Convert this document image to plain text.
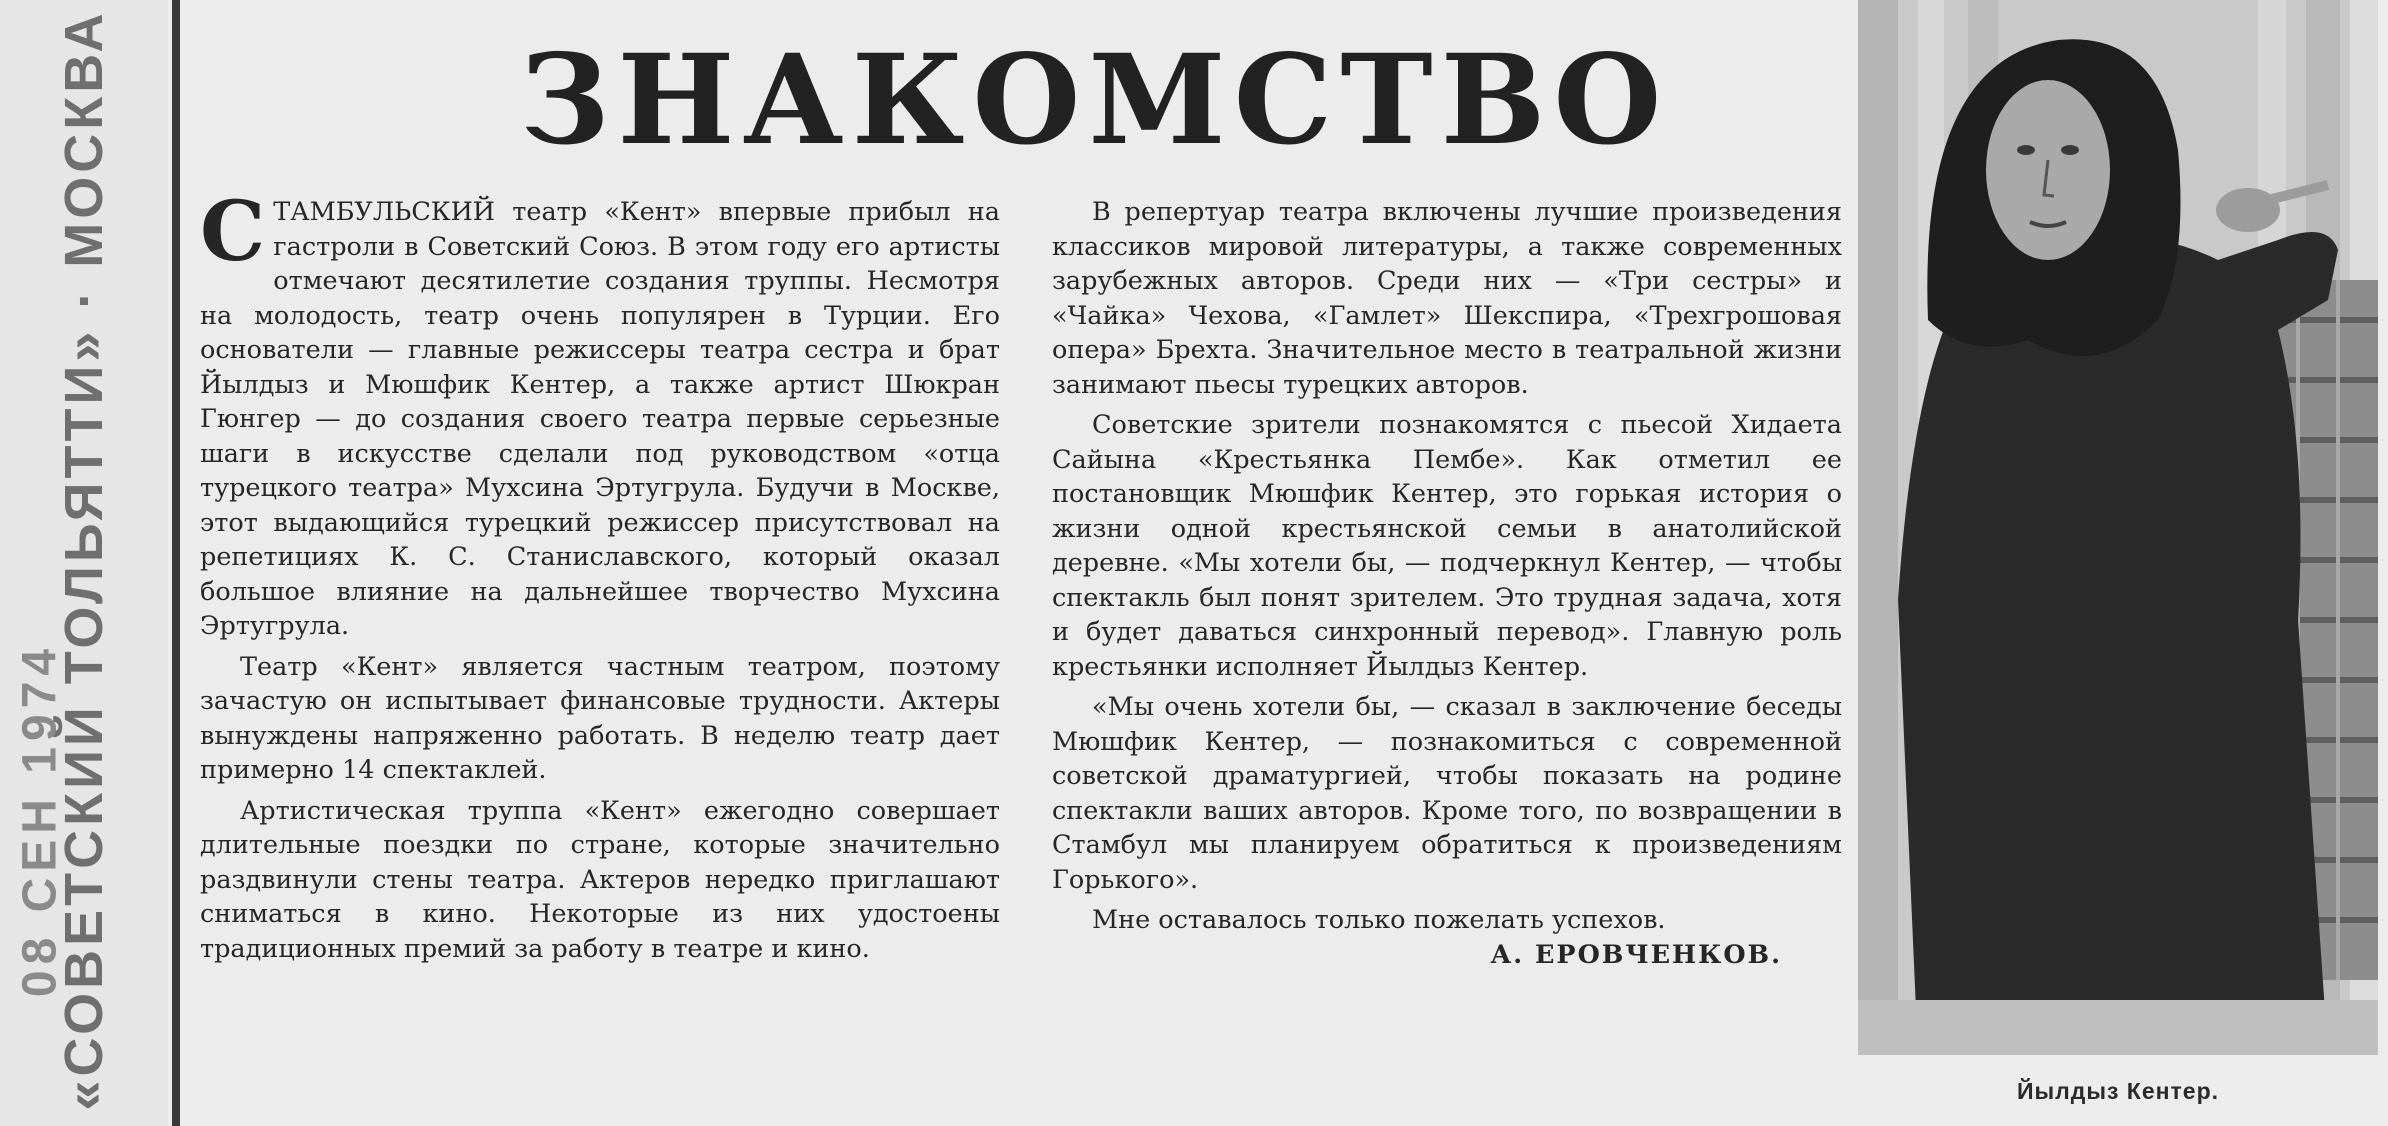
«СОВЕТСКИЙ ТОЛЬЯТТИ» · МОСКВА
08 СЕН 1974
ЗНАКОМСТВО

СТАМБУЛЬСКИЙ театр «Кент» впервые прибыл на гастроли в Советский Союз. В этом году его артисты отмечают десятилетие создания труппы. Несмотря на молодость, театр очень популярен в Турции. Его основатели — главные режиссеры театра сестра и брат Йылдыз и Мюшфик Кентер, а также артист Шюкран Гюнгер — до создания своего театра первые серьезные шаги в искусстве сделали под руководством «отца турецкого театра» Мухсина Эртугрула. Будучи в Москве, этот выдающийся турецкий режиссер присутствовал на репетициях К. С. Станиславского, который оказал большое влияние на дальнейшее творчество Мухсина Эртугрула.

Театр «Кент» является частным театром, поэтому зачастую он испытывает финансовые трудности. Актеры вынуждены напряженно работать. В неделю театр дает примерно 14 спектаклей.

Артистическая труппа «Кент» ежегодно совершает длительные поездки по стране, которые значительно раздвинули стены театра. Актеров нередко приглашают сниматься в кино. Некоторые из них удостоены традиционных премий за работу в театре и кино.

В репертуар театра включены лучшие произведения классиков мировой литературы, а также современных зарубежных авторов. Среди них — «Три сестры» и «Чайка» Чехова, «Гамлет» Шекспира, «Трехгрошовая опера» Брехта. Значительное место в театральной жизни занимают пьесы турецких авторов.

Советские зрители познакомятся с пьесой Хидаета Сайына «Крестьянка Пембе». Как отметил ее постановщик Мюшфик Кентер, это горькая история о жизни одной крестьянской семьи в анатолийской деревне. «Мы хотели бы, — подчеркнул Кентер, — чтобы спектакль был понят зрителем. Это трудная задача, хотя и будет даваться синхронный перевод». Главную роль крестьянки исполняет Йылдыз Кентер.

«Мы очень хотели бы, — сказал в заключение беседы Мюшфик Кентер, — познакомиться с современной советской драматургией, чтобы показать на родине спектакли ваших авторов. Кроме того, по возвращении в Стамбул мы планируем обратиться к произведениям Горького».

Мне оставалось только пожелать успехов.
А. ЕРОВЧЕНКОВ.
Йылдыз Кентер.
